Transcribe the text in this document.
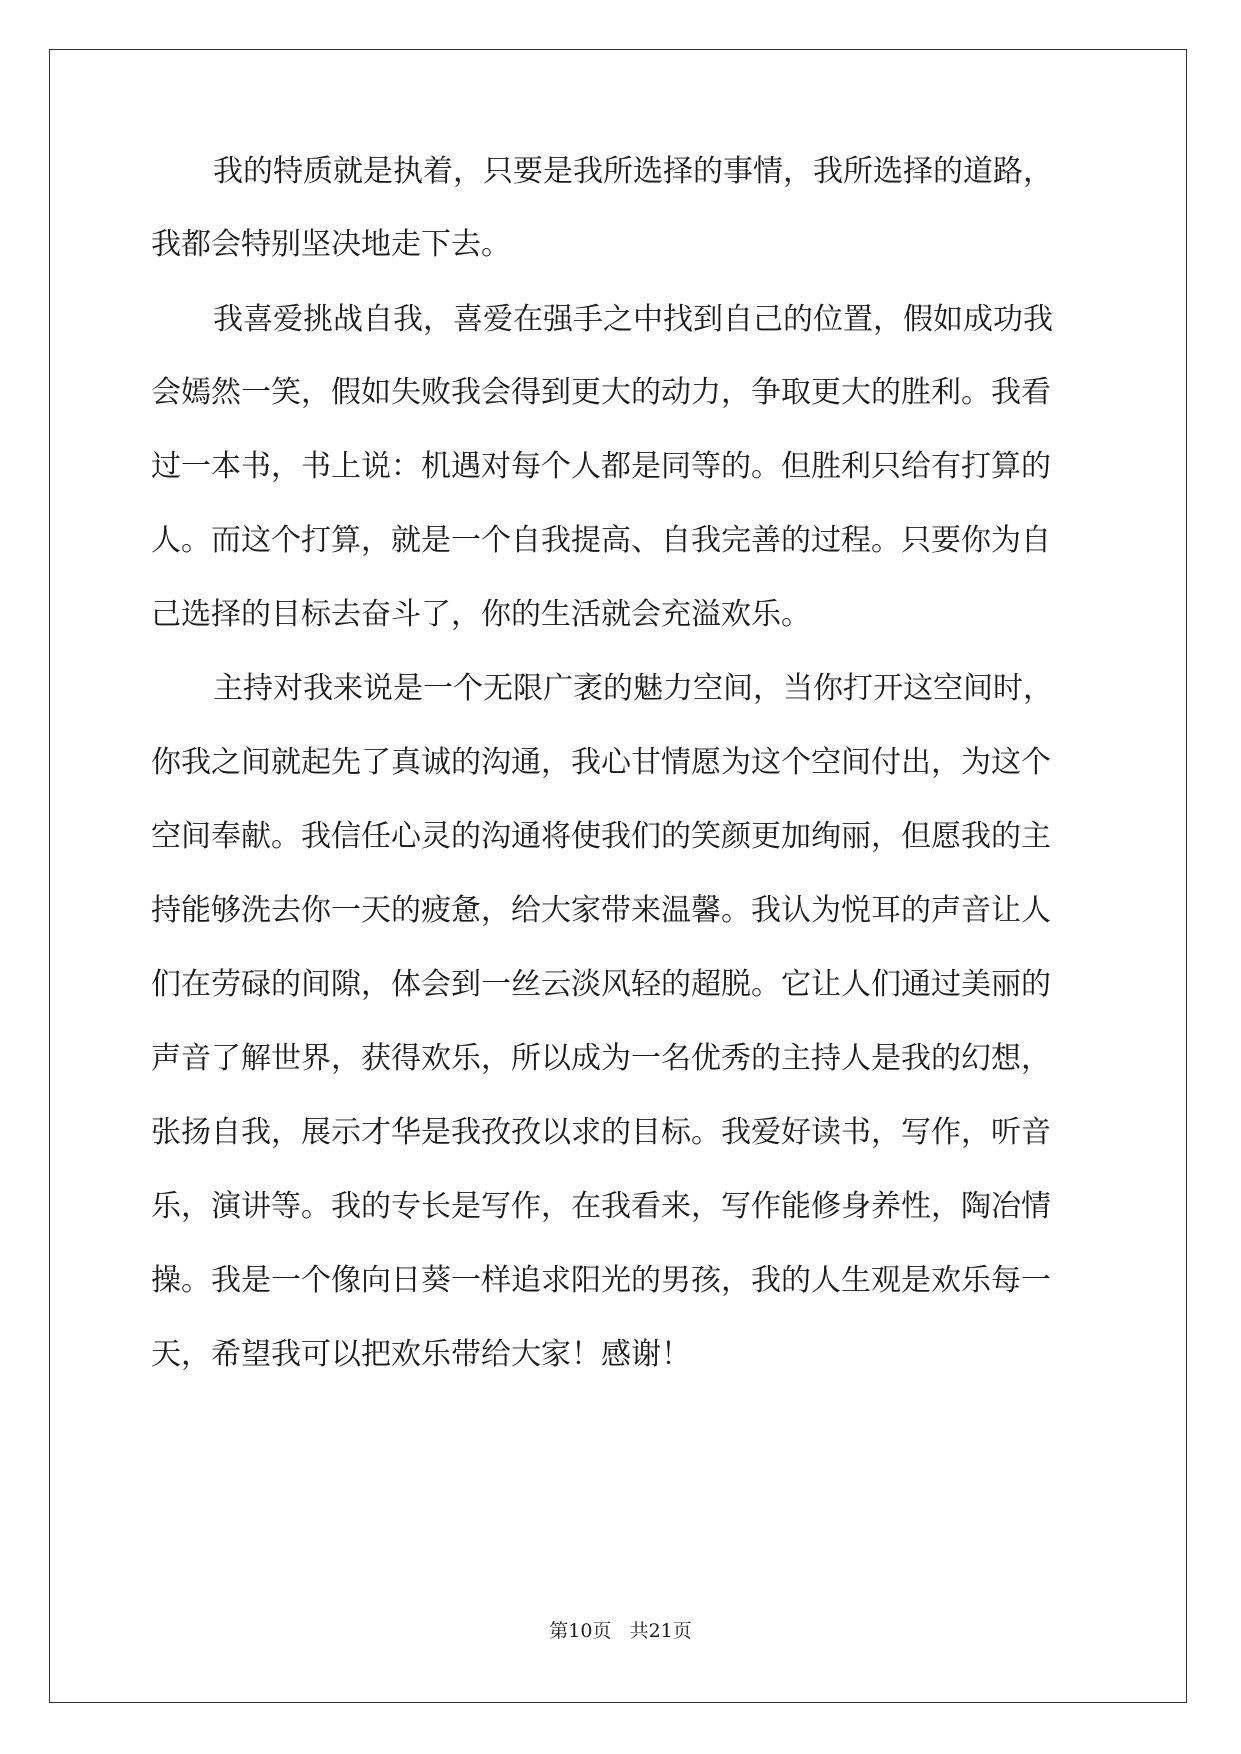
我的特质就是执着，只要是我所选择的事情，我所选择的道路，
我都会特别坚决地走下去。
我喜爱挑战自我，喜爱在强手之中找到自己的位置，假如成功我
会嫣然一笑，假如失败我会得到更大的动力，争取更大的胜利。我看
过一本书，书上说：机遇对每个人都是同等的。但胜利只给有打算的
人。而这个打算，就是一个自我提高、自我完善的过程。只要你为自
己选择的目标去奋斗了，你的生活就会充溢欢乐。
主持对我来说是一个无限广袤的魅力空间，当你打开这空间时，
你我之间就起先了真诚的沟通，我心甘情愿为这个空间付出，为这个
空间奉献。我信任心灵的沟通将使我们的笑颜更加绚丽，但愿我的主
持能够洗去你一天的疲惫，给大家带来温馨。我认为悦耳的声音让人
们在劳碌的间隙，体会到一丝云淡风轻的超脱。它让人们通过美丽的
声音了解世界，获得欢乐，所以成为一名优秀的主持人是我的幻想，
张扬自我，展示才华是我孜孜以求的目标。我爱好读书，写作，听音
乐，演讲等。我的专长是写作，在我看来，写作能修身养性，陶冶情
操。我是一个像向日葵一样追求阳光的男孩，我的人生观是欢乐每一
天，希望我可以把欢乐带给大家！感谢！
第10页 共21页
